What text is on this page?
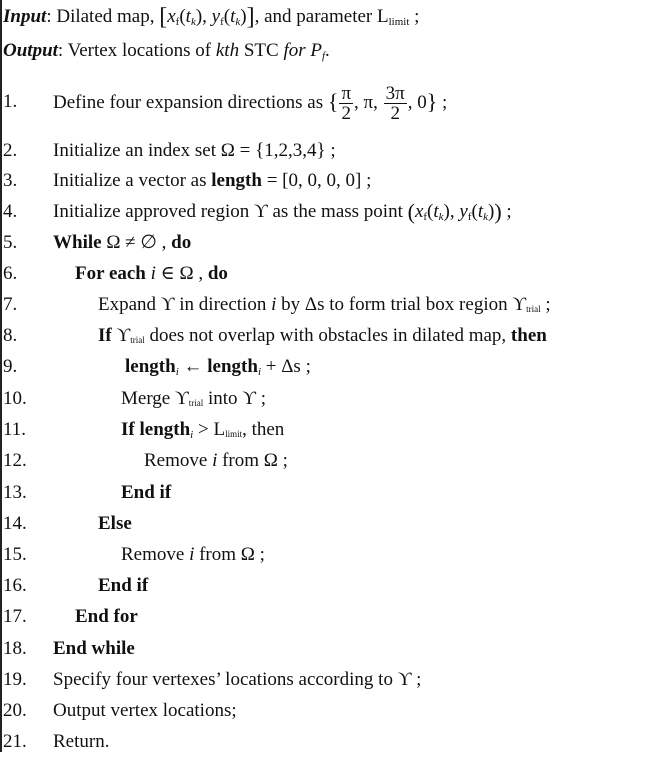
Input: Dilated map, [$x_f(t_k)$, $y_f(t_k)$], and parameter $L_{limit}$ ;
Output: Vertex locations of kth STC for $P_f$.
1.	Define four expansion directions as { $\frac{\pi}{2}$ , π, $\frac{3\pi}{2}$ , 0} ;
2.	Initialize an index set Ω = {1,2,3,4} ;
3.	Initialize a vector as length = [0, 0, 0, 0] ;
4.	Initialize approved region ϒ as the mass point ($x_f(t_k)$, $y_f(t_k)$) ;
5.	While Ω ≠ ∅ , do
6.	For each i ∈ Ω , do
7.	Expand ϒ in direction i by Δs to form trial box region ϒtrial ;
8.	If ϒtrial does not overlap with obstacles in dilated map, then
9.	length$_i$ ← length$_i$ + Δs ;
10.	Merge ϒtrial into ϒ ;
11.	If length$_i$ > Llimit, then
12.	Remove i from Ω ;
13.	End if
14.	Else
15.	Remove i from Ω ;
16.	End if
17.	End for
18.	End while
19.	Specify four vertexes’ locations according to ϒ ;
20.	Output vertex locations;
21.	Return.
